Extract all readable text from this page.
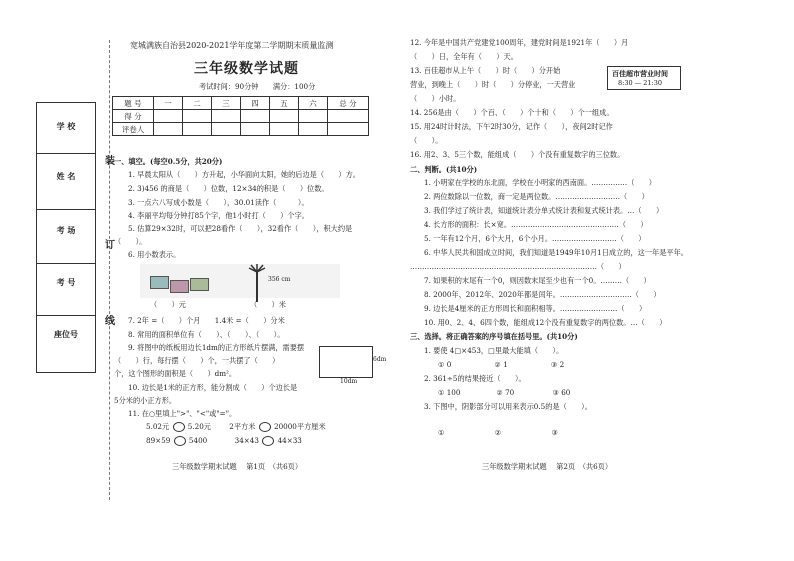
学 校
姓 名
考 场
考 号
座位号
装
订
线
宽城满族自治县2020-2021学年度第二学期期末质量监测
三年级数学试题
考试时间：90分钟　　满分：100分
题 号	一	二	三	四	五	六	总 分
得 分							
评卷人							
一、填空。(每空0.5分，共20分)
1. 早晨太阳从（　　）方升起，小华面向太阳，她的后边是（　　）方。
2. 3)456 的商是（　　）位数，12×34的积是（　　）位数。
3. 一点六八写成小数是（　　），30.01读作（　　　）。
4. 李丽平均每分钟打85个字，他1小时打（　　）个字。
5. 估算29×32时，可以把28看作（　　），32看作（　　），积大约是
（　　）。
6. 用小数表示。
（　　）元
356 cm
（　　）米
7. 2年 =（　　）个月　　1.4米 =（　　）分米
8. 常用的面积单位有（　　）、（　　）、（　　）。
9. 将图中的纸板用边长1dm的正方形纸片摆满，需要摆
（　　）行，每行摆（　　）个，一共摆了（　　）
个，这个图形的面积是（　　）dm²。
10dm
6dm
10. 边长是1米的正方形，能分割成（　　）个边长是
5分米的小正方形。
11. 在○里填上">"、"<"或"="。
5.02元	5.20元	2平方米	20000平方厘米
89×59	5400	34×43	44×33
三年级数学期末试题　 第1页　（共6页）
12. 今年是中国共产党建党100周年，建党时间是1921年（　　）月
（　　）日，全年有（　　）天。
13. 百佳超市从上午（　　）时（　　）分开始
营业，到晚上（　　）时（　　）分停业，一天营业
（　　）小时。
百佳超市营业时间
8:30 — 21:30
14. 256是由（　　）个百、（　　）个十和（　　）个一组成。
15. 用24时计时法，下午2时30分，记作（　　），夜间2时记作
（　　）。
16. 用2、3、5三个数，能组成（　　）个没有重复数字的三位数。
二、判断。(共10分)
1. 小明家在学校的东北面，学校在小明家的西南面。……………（　　）
2. 两位数除以一位数，商一定是两位数。………………………（　　）
3. 我们学过了统计表，知道统计表分单式统计表和复式统计表。…（　　）
4. 长方形的面积：长×宽。………………………………………（　　）
5. 一年有12个月，6个大月，6个小月。………………………（　　）
6. 中华人民共和国成立时间，我们知道是1949年10月1日成立的，这一年是平年。
……………………………………………………………………（　　）
7. 如果积的末尾有一个0，则因数末尾至少也有一个0。………（　　）
8. 2000年、2012年、2020年都是闰年。…………………………（　　）
9. 边长是4厘米的正方形周长和面积相等。……………………（　　）
10. 用0、2、4、6四个数，能组成12个没有重复数字的两位数。…（　　）
三、选择。将正确答案的序号填在括号里。(共10分)
1. 要使 4□×453，□里最大能填（　　）。
① 0　　　　　　② 1　　　　　　③ 2
2. 361÷5的结果接近（　　）。
① 100　　　　　② 70　　　　　 ③ 60
3. 下图中，阴影部分可以用来表示0.5的是（　　）。
①　　　　　　　②　　　　　　　③
三年级数学期末试题　 第2页　（共6页）
